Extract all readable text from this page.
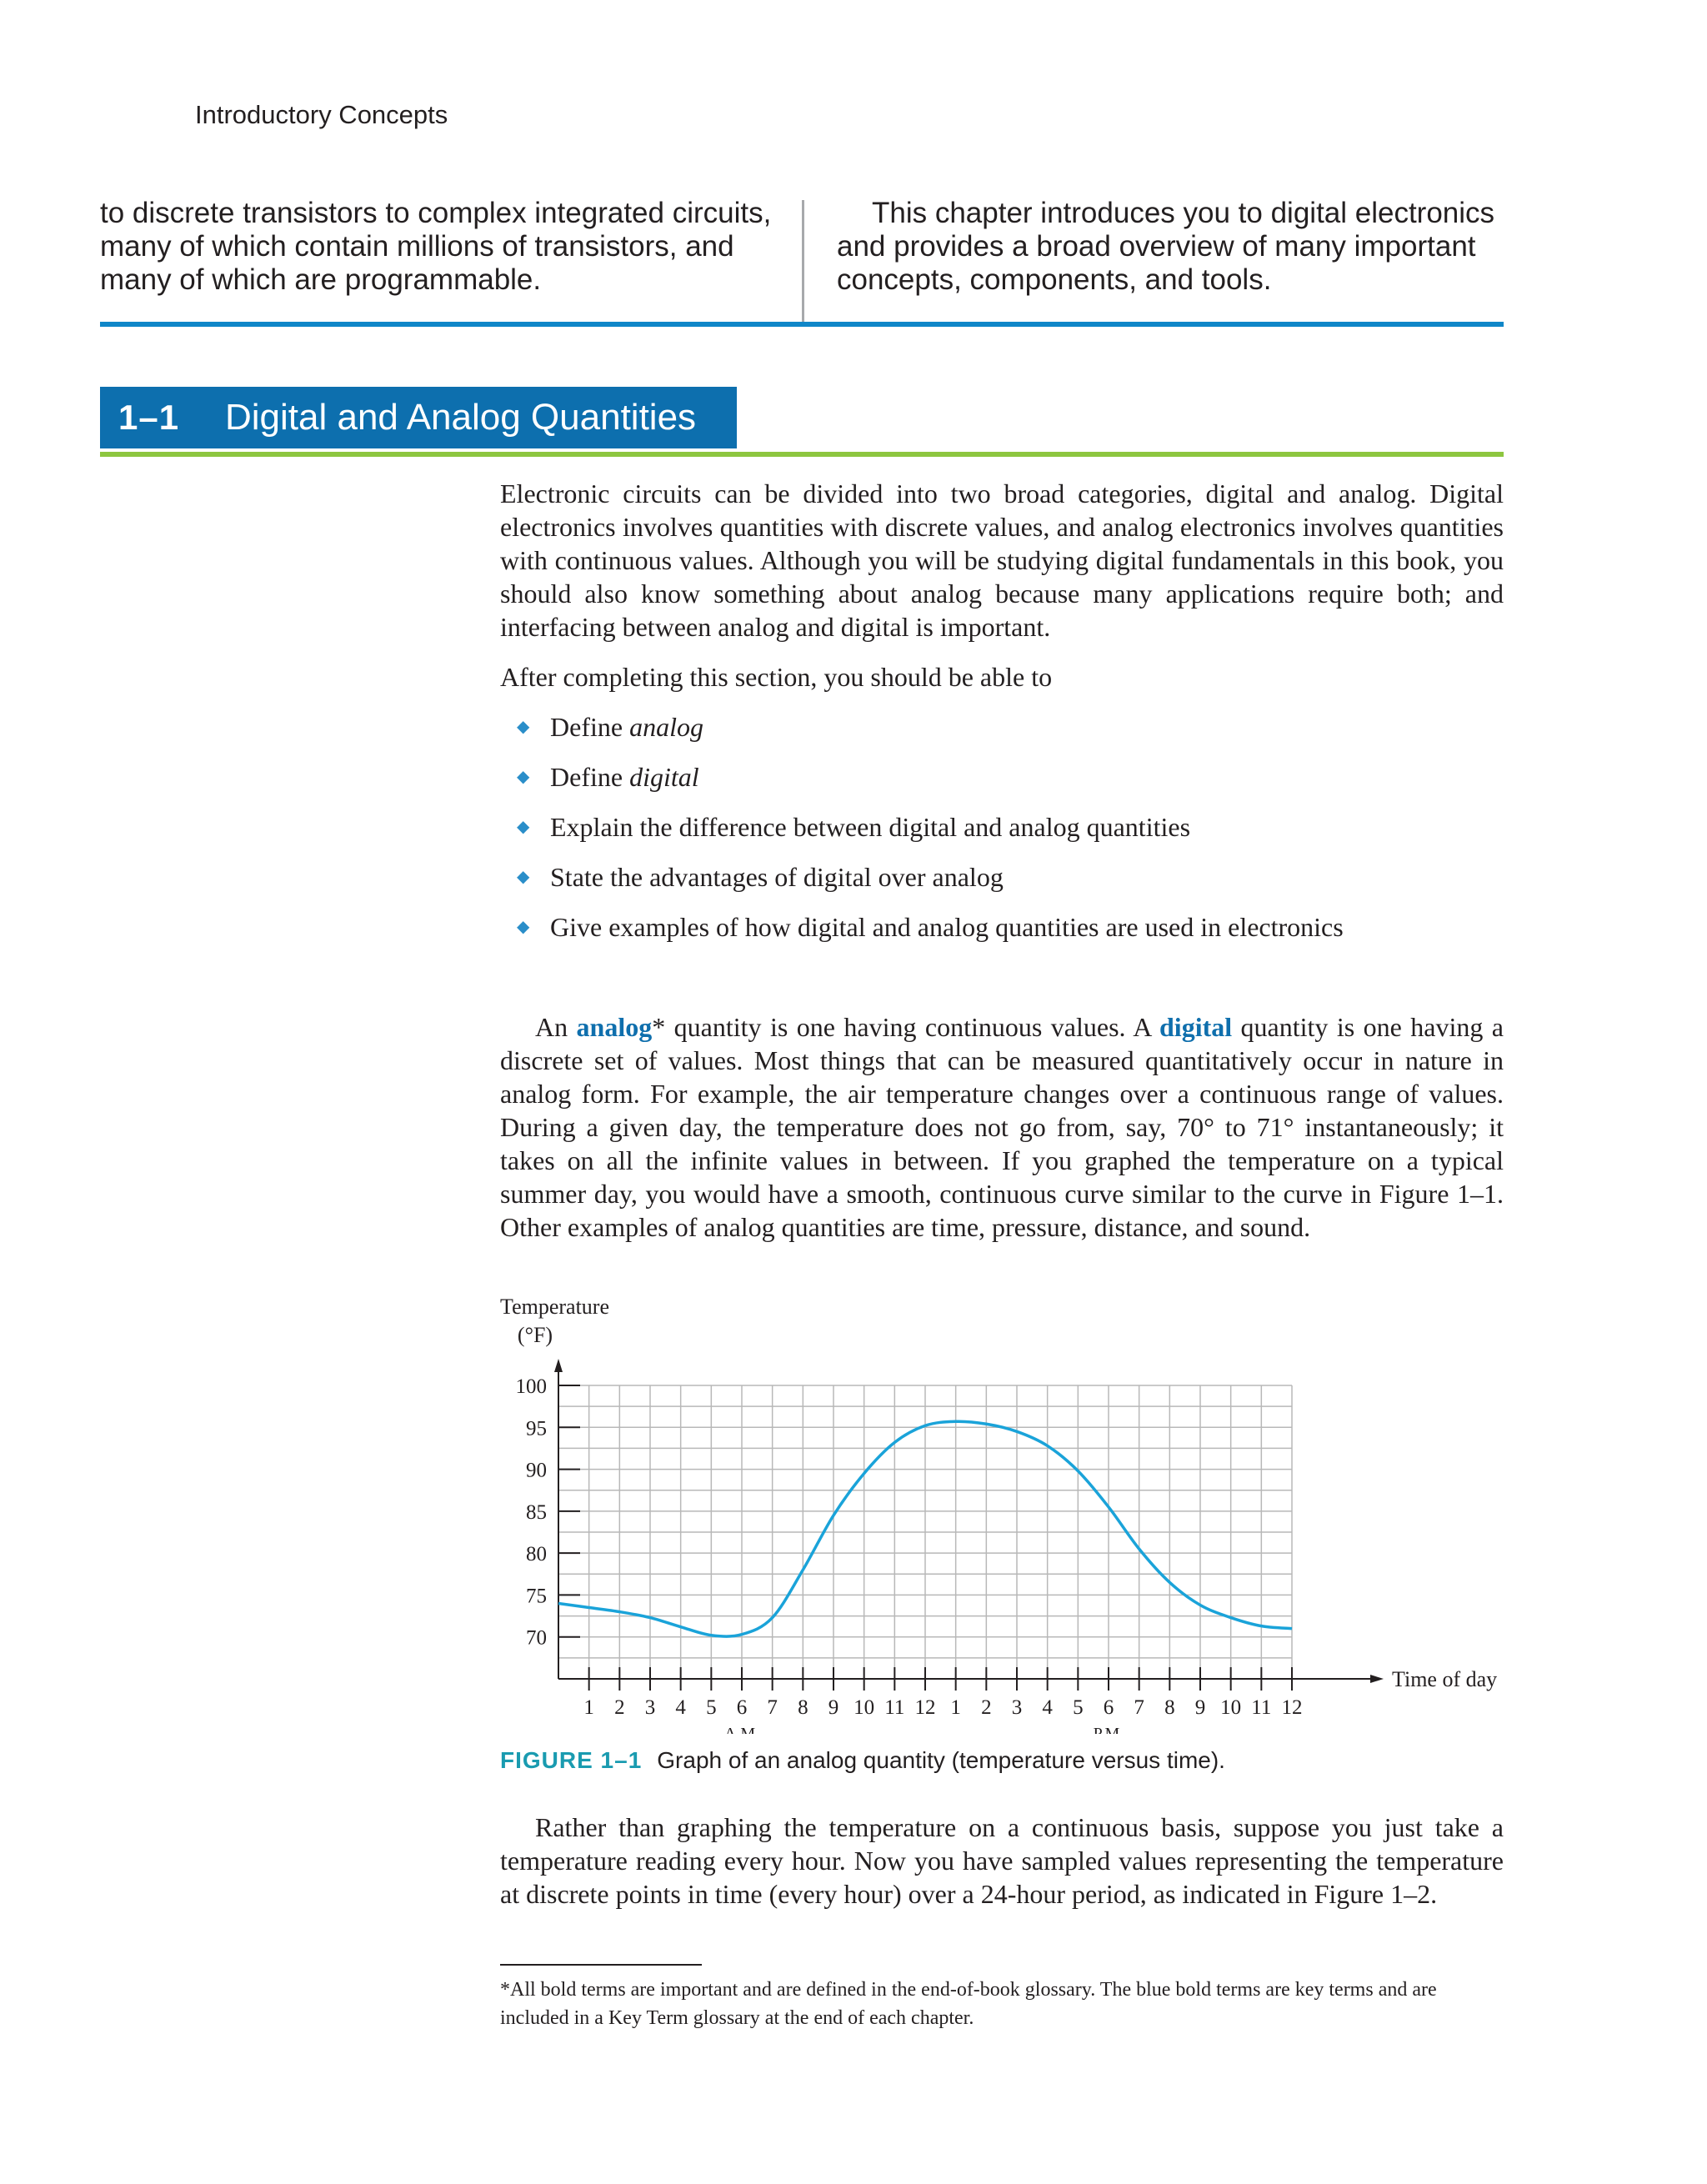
Introductory Concepts
to discrete transistors to complex integrated circuits,
many of which contain millions of transistors, and
many of which are programmable.
This chapter introduces you to digital electronics
and provides a broad overview of many important
concepts, components, and tools.
1–1	Digital and Analog Quantities

Electronic circuits can be divided into two broad categories, digital and analog. Digital electronics involves quantities with discrete values, and analog electronics involves quantities with continuous values. Although you will be studying digital fundamentals in this book, you should also know something about analog because many applications require both; and interfacing between analog and digital is important.

After completing this section, you should be able to

◆ Define analog
◆ Define digital
◆ Explain the difference between digital and analog quantities
◆ State the advantages of digital over analog
◆ Give examples of how digital and analog quantities are used in electronics

An analog* quantity is one having continuous values. A digital quantity is one having a discrete set of values. Most things that can be measured quantitatively occur in nature in analog form. For example, the air temperature changes over a continuous range of values. During a given day, the temperature does not go from, say, 70° to 71° instantaneously; it takes on all the infinite values in between. If you graphed the temperature on a typical summer day, you would have a smooth, continuous curve similar to the curve in Figure 1–1. Other examples of analog quantities are time, pressure, distance, and sound.

70
75
80
85
90
95
100
1 2 3 4 5 6 7 8 9 10 11 12 1 2 3 4 5 6 7 8 9 10 11 12
A.M.	P.M.
Temperature
(°F)
Time of day
FIGURE 1–1 Graph of an analog quantity (temperature versus time).

Rather than graphing the temperature on a continuous basis, suppose you just take a temperature reading every hour. Now you have sampled values representing the temperature at discrete points in time (every hour) over a 24-hour period, as indicated in Figure 1–2.

*All bold terms are important and are defined in the end-of-book glossary. The blue bold terms are key terms and are included in a Key Term glossary at the end of each chapter.
